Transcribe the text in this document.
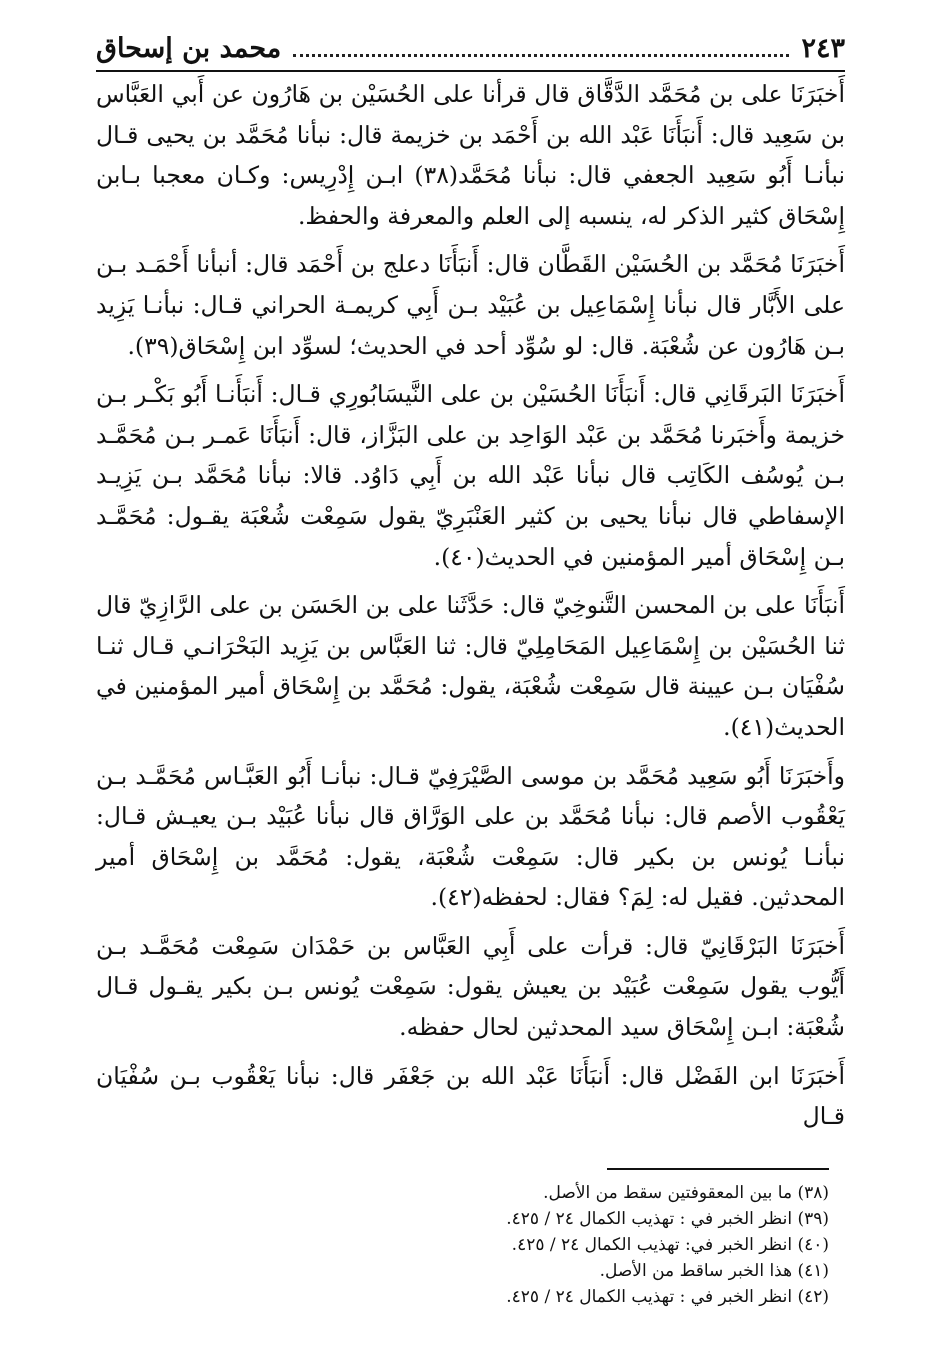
محمد بن إسحاق	٢٤٣

أَخبَرَنَا على بن مُحَمَّد الدَّقَّاق قال قرأنا على الحُسَيْن بن هَارُون عن أَبي العَبَّاس بن سَعِيد قال: أَنبَأَنَا عَبْد الله بن أَحْمَد بن خزيمة قال: نبأنا مُحَمَّد بن يحيى قـال نبأنـا أَبُو سَعِيد الجعفي قال: نبأنا مُحَمَّد(٣٨) ابـن إِدْرِيس: وكـان معجبا بـابن إِسْحَاق كثير الذكر له، ينسبه إلى العلم والمعرفة والحفظ.

أَخبَرَنَا مُحَمَّد بن الحُسَيْن القَطَّان قال: أَنبَأَنَا دعلج بن أَحْمَد قال: أنبأنا أَحْمَـد بـن على الأَبَّار قال نبأنا إِسْمَاعِيل بن عُبَيْد بـن أَبِي كريمـة الحراني قـال: نبأنـا يَزِيد بـن هَارُون عن شُعْبَة. قال: لو سُوِّد أحد في الحديث؛ لسوِّد ابن إِسْحَاق(٣٩).

أَخبَرَنَا البَرقَانِي قال: أَنبَأَنَا الحُسَيْن بن على النَّيسَابُورِي قـال: أَنبَأَنـا أَبُو بَكْـر بـن خزيمة وأَخبَرنا مُحَمَّد بن عَبْد الوَاحِد بن على البَزَّاز، قال: أَنبَأَنَا عَمـر بـن مُحَمَّـد بـن يُوسُف الكَاتِب قال نبأنا عَبْد الله بن أَبِي دَاوُد. قالا: نبأنا مُحَمَّد بـن يَزِيـد الإسفاطي قال نبأنا يحيى بن كثير العَنْبَرِيّ يقول سَمِعْت شُعْبَة يقـول: مُحَمَّـد بـن إِسْحَاق أمير المؤمنين في الحديث(٤٠).

أَنبَأَنَا على بن المحسن التَّنوخِيّ قال: حَدَّثَنا على بن الحَسَن بن على الرَّازِيّ قال ثنا الحُسَيْن بن إِسْمَاعِيل المَحَامِلِيّ قال: ثنا العَبَّاس بن يَزِيد البَحْرَانـي قـال ثنـا سُفْيَان بـن عيينة قال سَمِعْت شُعْبَة، يقول: مُحَمَّد بن إِسْحَاق أمير المؤمنين في الحديث(٤١).

وأَخبَرَنَا أَبُو سَعِيد مُحَمَّد بن موسى الصَّيْرَفِيّ قـال: نبأنـا أَبُو العَبَّـاس مُحَمَّـد بـن يَعْقُوب الأصم قال: نبأنا مُحَمَّد بن على الوَرَّاق قال نبأنا عُبَيْد بـن يعيـش قـال: نبأنـا يُونس بن بكير قال: سَمِعْت شُعْبَة، يقول: مُحَمَّد بن إِسْحَاق أمير المحدثين. فقيل له: لِمَ؟ فقال: لحفظه(٤٢).

أَخبَرَنَا البَرْقَانِيّ قال: قرأت على أَبِي العَبَّاس بن حَمْدَان سَمِعْت مُحَمَّـد بـن أَيُّوب يقول سَمِعْت عُبَيْد بن يعيش يقول: سَمِعْت يُونس بـن بكير يقـول قـال شُعْبَة: ابـن إِسْحَاق سيد المحدثين لحال حفظه.

أَخبَرَنَا ابن الفَضْل قال: أَنبَأَنَا عَبْد الله بن جَعْفَر قال: نبأنا يَعْقُوب بـن سُفْيَان قـال

(٣٨) ما بين المعقوفتين سقط من الأصل.
(٣٩) انظر الخبر في : تهذيب الكمال ٢٤ / ٤٢٥.
(٤٠) انظر الخبر في: تهذيب الكمال ٢٤ / ٤٢٥.
(٤١) هذا الخبر ساقط من الأصل.
(٤٢) انظر الخبر في : تهذيب الكمال ٢٤ / ٤٢٥.
